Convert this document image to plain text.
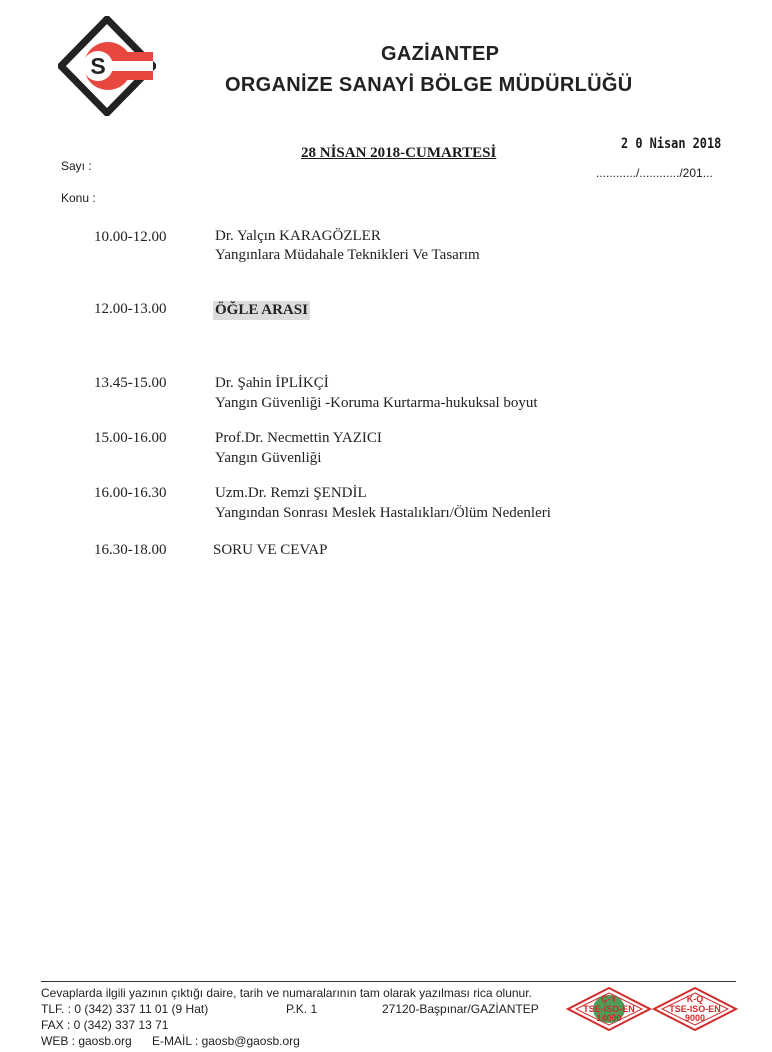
S	GAZİANTEP
ORGANİZE SANAYİ BÖLGE MÜDÜRLÜĞÜ
28 NİSAN 2018-CUMARTESİ
2 0 Nisan 2018
............/............/201...
Sayı :
Konu :
10.00-12.00	Dr. Yalçın KARAGÖZLER
Yangınlara Müdahale Teknikleri Ve Tasarım
12.00-13.00	ÖĞLE ARASI
13.45-15.00	Dr. Şahin İPLİKÇİ
Yangın Güvenliği -Koruma Kurtarma-hukuksal boyut
15.00-16.00	Prof.Dr. Necmettin YAZICI
Yangın Güvenliği
16.00-16.30	Uzm.Dr. Remzi ŞENDİL
Yangından Sonrası Meslek Hastalıkları/Ölüm Nedenleri
16.30-18.00	SORU VE CEVAP
Cevaplarda ilgili yazının çıktığı daire, tarih ve numaralarının tam olarak yazılması rica olunur.
TLF. : 0 (342) 337 11 01 (9 Hat)	P.K. 1	27120-Başpınar/GAZİANTEP
FAX : 0 (342) 337 13 71
WEB : gaosb.org E-MAİL : gaosb@gaosb.org
Ç-Y
TSE-ISO-EN
14000
K-Q
TSE-ISO-EN
9000
